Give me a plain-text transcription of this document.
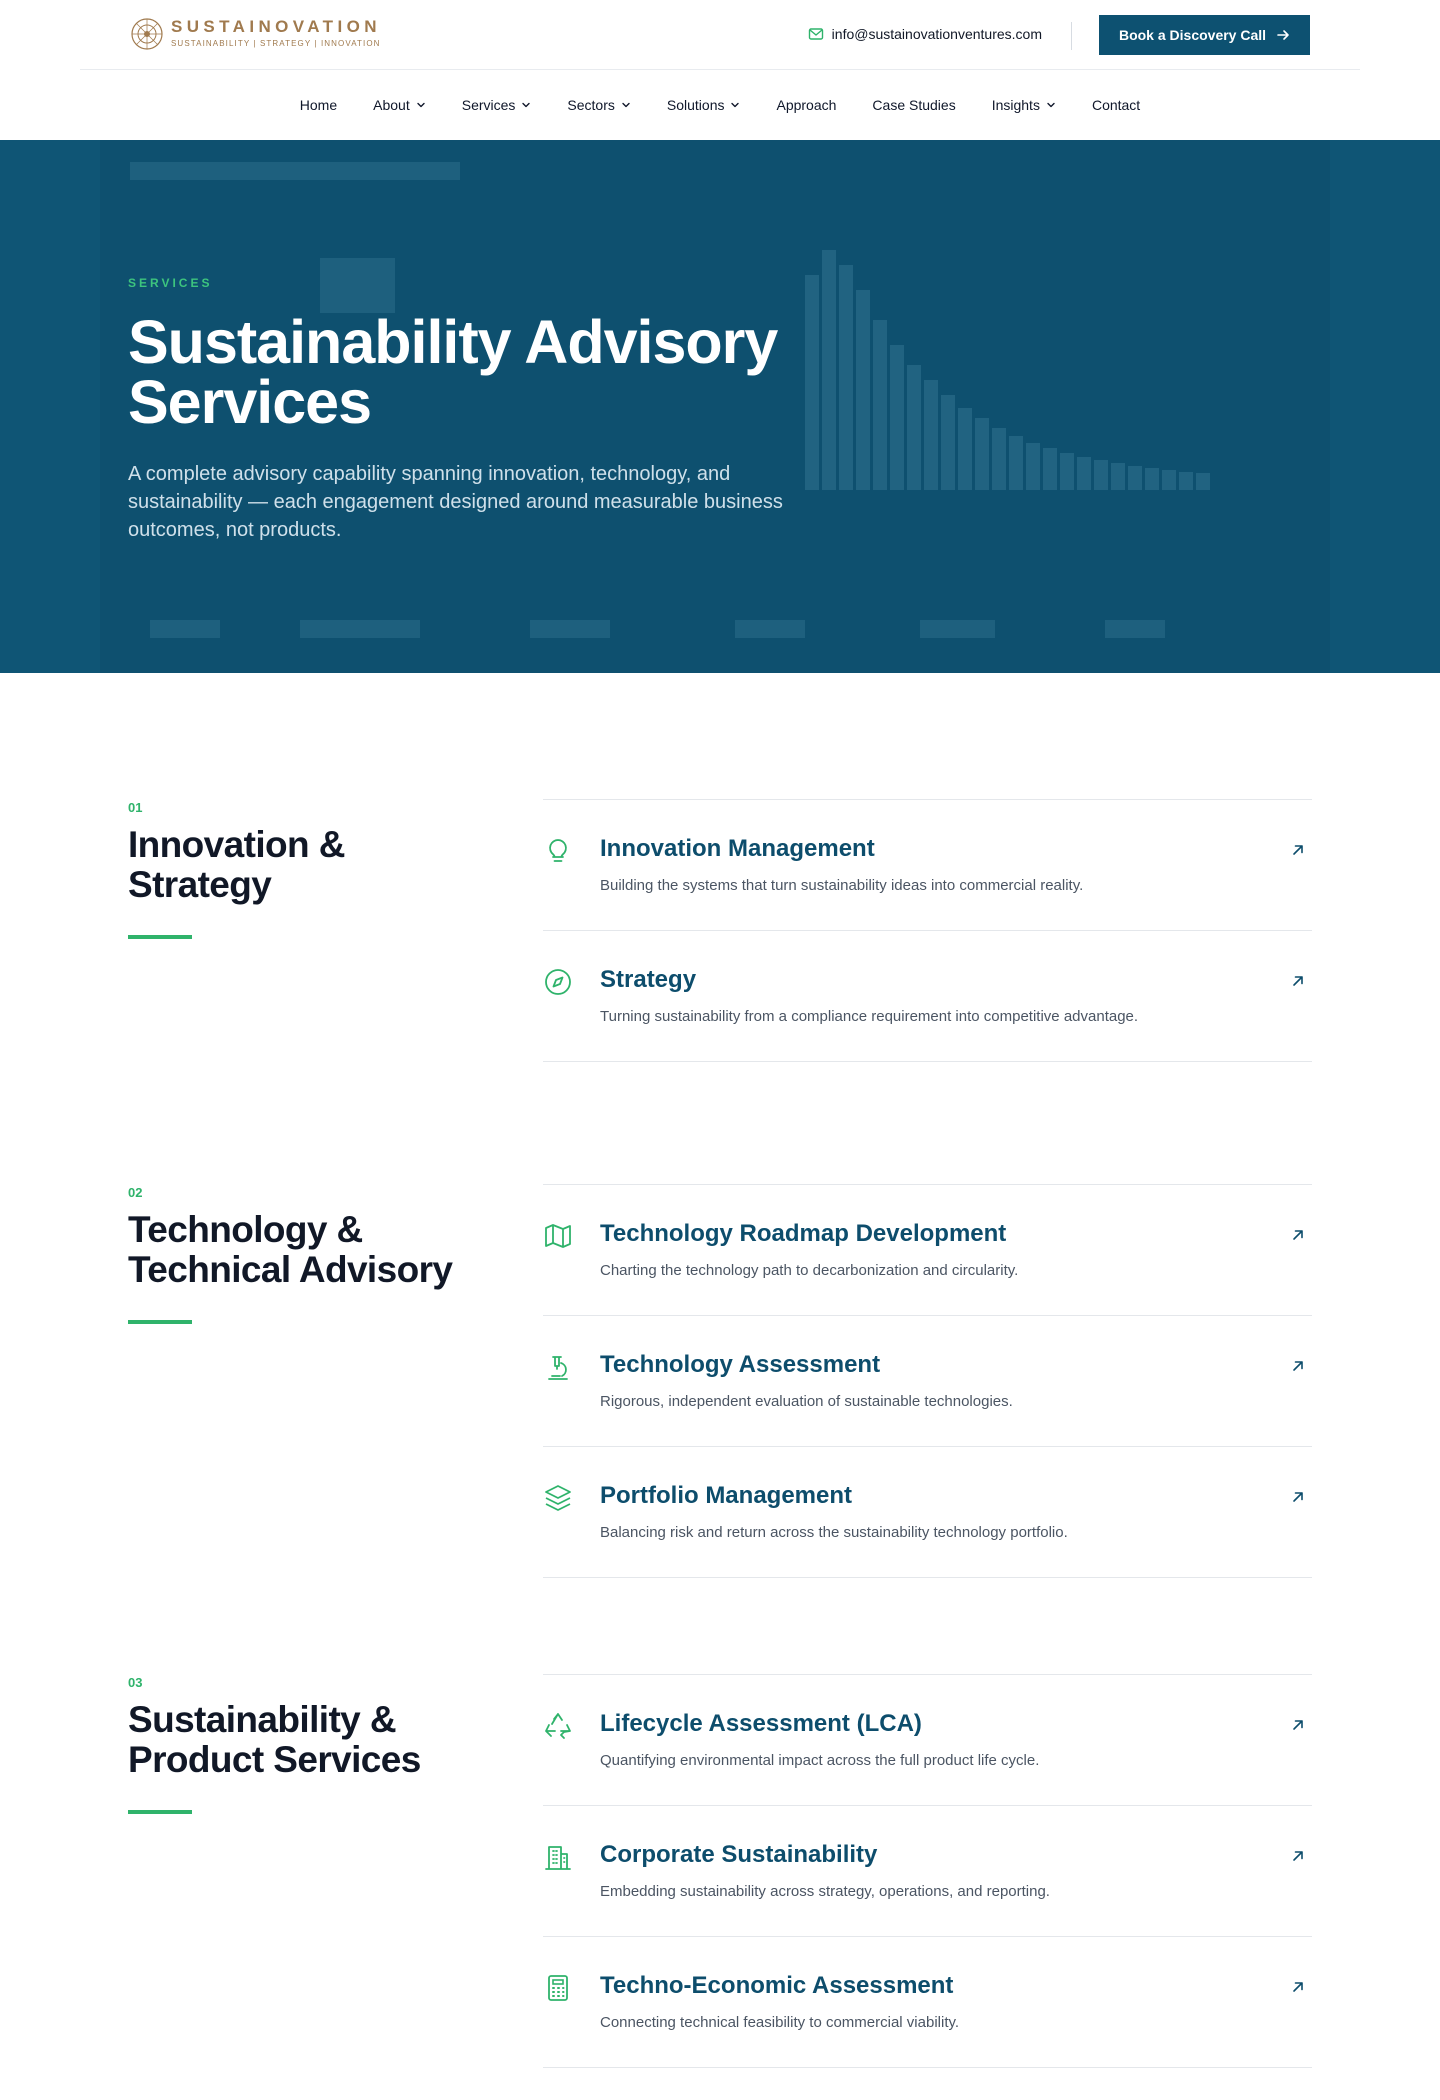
SUSTAINOVATION
SUSTAINABILITY | STRATEGY | INNOVATION
info@sustainovationventures.com	Book a Discovery Call
Home	About	Services	Sectors	Solutions	Approach	Case Studies	Insights	Contact
SERVICES
Sustainability Advisory Services

A complete advisory capability spanning innovation, technology, and sustainability — each engagement designed around measurable business outcomes, not products.

01
Innovation & Strategy
Innovation Management
Building the systems that turn sustainability ideas into commercial reality.
Strategy
Turning sustainability from a compliance requirement into competitive advantage.
02
Technology & Technical Advisory
Technology Roadmap Development
Charting the technology path to decarbonization and circularity.
Technology Assessment
Rigorous, independent evaluation of sustainable technologies.
Portfolio Management
Balancing risk and return across the sustainability technology portfolio.
03
Sustainability & Product Services
Lifecycle Assessment (LCA)
Quantifying environmental impact across the full product life cycle.
Corporate Sustainability
Embedding sustainability across strategy, operations, and reporting.
Techno-Economic Assessment
Connecting technical feasibility to commercial viability.
